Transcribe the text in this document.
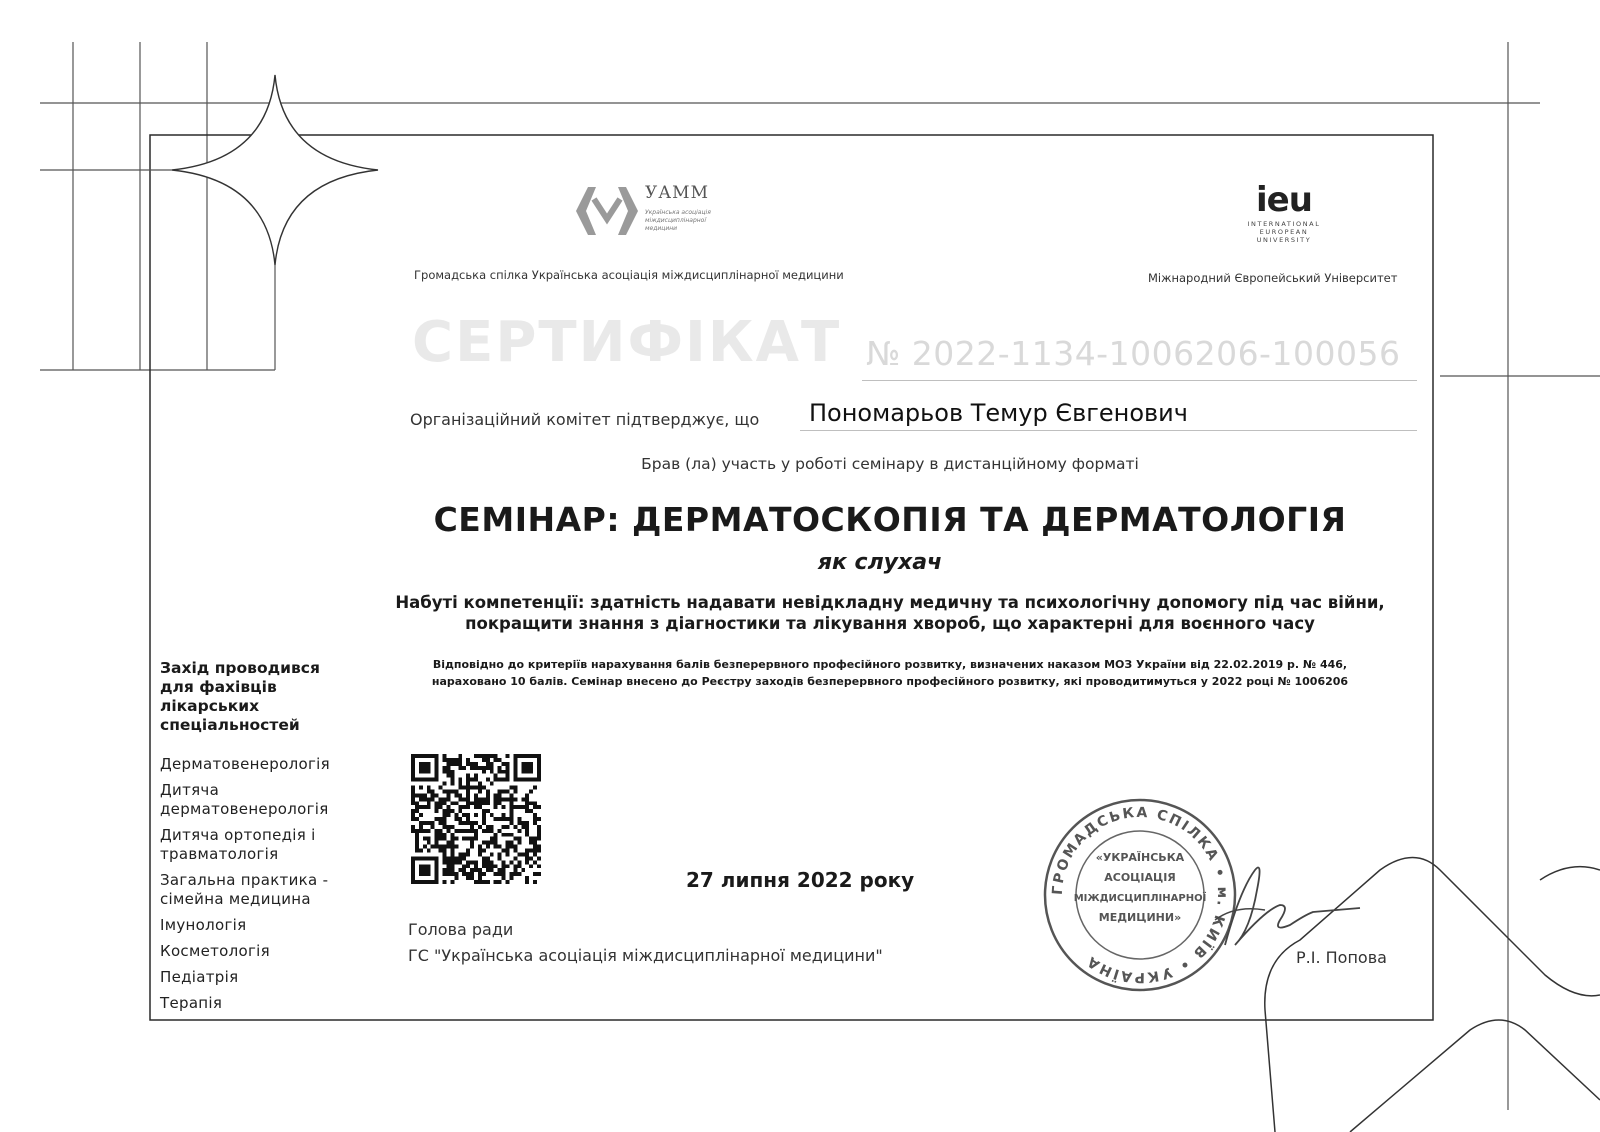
УАММ
Українська асоціація міждисциплінарної медицини
Громадська спілка Українська асоціація міждисциплінарної медицини
ieu
INTERNATIONAL
EUROPEAN
UNIVERSITY
Міжнародний Європейський Університет
СЕРТИФІКАТ № 2022-1134-1006206-100056
Організаційний комітет підтверджує, що Пономарьов Темур Євгенович
Брав (ла) участь у роботі семінару в дистанційному форматі
СЕМІНАР: ДЕРМАТОСКОПІЯ ТА ДЕРМАТОЛОГІЯ
як слухач
Набуті компетенції: здатність надавати невідкладну медичну та психологічну допомогу під час війни,
покращити знання з діагностики та лікування хвороб, що характерні для воєнного часу
Відповідно до критеріїв нарахування балів безперервного професійного розвитку, визначених наказом МОЗ України від 22.02.2019 р. № 446,
нараховано 10 балів. Семінар внесено до Реєстру заходів безперервного професійного розвитку, які проводитимуться у 2022 році № 1006206
Захід проводився
для фахівців
лікарських
спеціальностей
Дерматовенерологія
Дитяча дерматовенерологія
Дитяча ортопедія і травматологія
Загальна практика - сімейна медицина
Імунологія
Косметологія
Педіатрія
Терапія
27 липня 2022 року
Голова ради
ГС "Українська асоціація міждисциплінарної медицини"
ГРОМАДСЬКА СПІЛКА • м. КИЇВ • УКРАЇНА
«УКРАЇНСЬКА
АСОЦІАЦІЯ
МІЖДИСЦИПЛІНАРНОЇ
МЕДИЦИНИ»
Р.І. Попова
